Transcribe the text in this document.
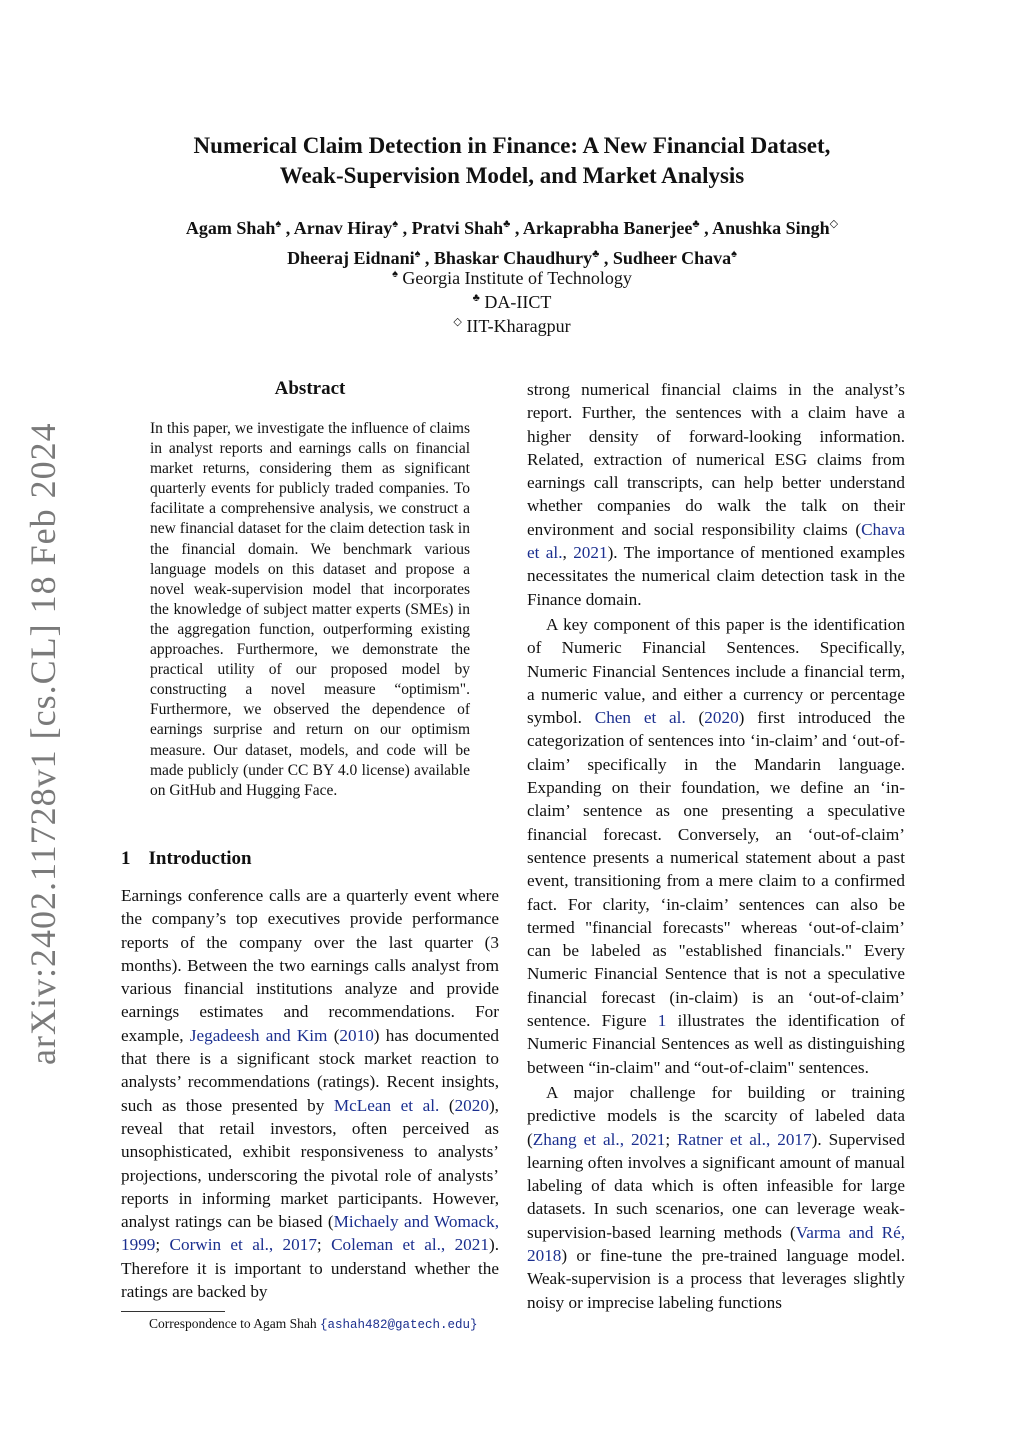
arXiv:2402.11728v1 [cs.CL] 18 Feb 2024
Numerical Claim Detection in Finance: A New Financial Dataset,
Weak-Supervision Model, and Market Analysis
Agam Shah♠ , Arnav Hiray♠ , Pratvi Shah♣ , Arkaprabha Banerjee♣ , Anushka Singh◇
Dheeraj Eidnani♠ , Bhaskar Chaudhury♣ , Sudheer Chava♠
♠ Georgia Institute of Technology
♣ DA-IICT
◇ IIT-Kharagpur
Abstract
In this paper, we investigate the influence of claims in analyst reports and earnings calls on financial market returns, considering them as significant quarterly events for publicly traded companies. To facilitate a comprehensive analysis, we construct a new financial dataset for the claim detection task in the financial domain. We benchmark various language models on this dataset and propose a novel weak-supervision model that incorporates the knowledge of subject matter experts (SMEs) in the aggregation function, outperforming existing approaches. Furthermore, we demonstrate the practical utility of our proposed model by constructing a novel measure “optimism". Furthermore, we observed the dependence of earnings surprise and return on our optimism measure. Our dataset, models, and code will be made publicly (under CC BY 4.0 license) available on GitHub and Hugging Face.
1 Introduction

Earnings conference calls are a quarterly event where the company’s top executives provide performance reports of the company over the last quarter (3 months). Between the two earnings calls analyst from various financial institutions analyze and provide earnings estimates and recommendations. For example, Jegadeesh and Kim (2010) has documented that there is a significant stock market reaction to analysts’ recommendations (ratings). Recent insights, such as those presented by McLean et al. (2020), reveal that retail investors, often perceived as unsophisticated, exhibit responsiveness to analysts’ projections, underscoring the pivotal role of analysts’ reports in informing market participants. However, analyst ratings can be biased (Michaely and Womack, 1999; Corwin et al., 2017; Coleman et al., 2021). Therefore it is important to understand whether the ratings are backed by

strong numerical financial claims in the analyst’s report. Further, the sentences with a claim have a higher density of forward-looking information. Related, extraction of numerical ESG claims from earnings call transcripts, can help better understand whether companies do walk the talk on their environment and social responsibility claims (Chava et al., 2021). The importance of mentioned examples necessitates the numerical claim detection task in the Finance domain.

A key component of this paper is the identification of Numeric Financial Sentences. Specifically, Numeric Financial Sentences include a financial term, a numeric value, and either a currency or percentage symbol. Chen et al. (2020) first introduced the categorization of sentences into ‘in-claim’ and ‘out-of-claim’ specifically in the Mandarin language. Expanding on their foundation, we define an ‘in-claim’ sentence as one presenting a speculative financial forecast. Conversely, an ‘out-of-claim’ sentence presents a numerical statement about a past event, transitioning from a mere claim to a confirmed fact. For clarity, ‘in-claim’ sentences can also be termed "financial forecasts" whereas ‘out-of-claim’ can be labeled as "established financials." Every Numeric Financial Sentence that is not a speculative financial forecast (in-claim) is an ‘out-of-claim’ sentence. Figure 1 illustrates the identification of Numeric Financial Sentences as well as distinguishing between “in-claim" and “out-of-claim" sentences.

A major challenge for building or training predictive models is the scarcity of labeled data (Zhang et al., 2021; Ratner et al., 2017). Supervised learning often involves a significant amount of manual labeling of data which is often infeasible for large datasets. In such scenarios, one can leverage weak-supervision-based learning methods (Varma and Ré, 2018) or fine-tune the pre-trained language model. Weak-supervision is a process that leverages slightly noisy or imprecise labeling functions

Correspondence to Agam Shah {ashah482@gatech.edu}
